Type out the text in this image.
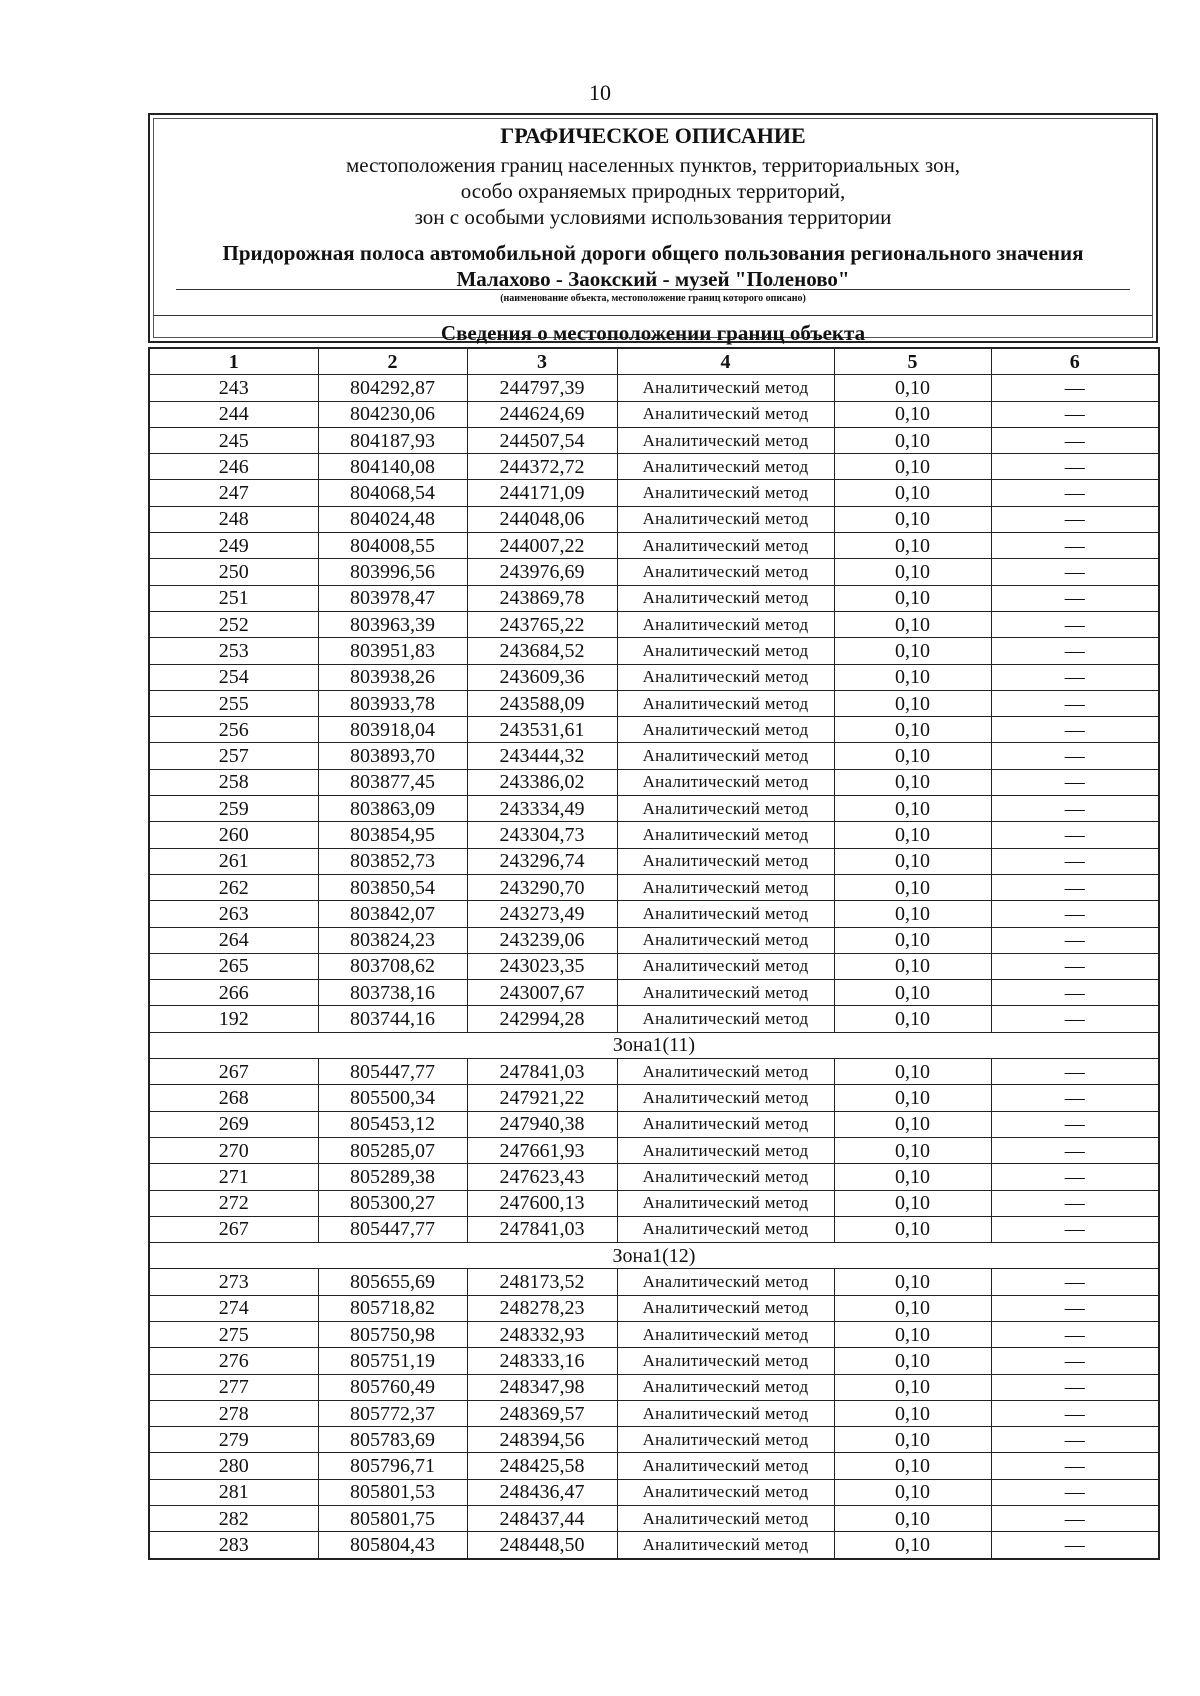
10
ГРАФИЧЕСКОЕ ОПИСАНИЕ
местоположения границ населенных пунктов, территориальных зон,
особо охраняемых природных территорий,
зон с особыми условиями использования территории
Придорожная полоса автомобильной дороги общего пользования регионального значения
Малахово - Заокский - музей "Поленово"
(наименование объекта, местоположение границ которого описано)
Сведения о местоположении границ объекта
1	2	3	4	5	6
243	804292,87	244797,39	Аналитический метод	0,10	—
244	804230,06	244624,69	Аналитический метод	0,10	—
245	804187,93	244507,54	Аналитический метод	0,10	—
246	804140,08	244372,72	Аналитический метод	0,10	—
247	804068,54	244171,09	Аналитический метод	0,10	—
248	804024,48	244048,06	Аналитический метод	0,10	—
249	804008,55	244007,22	Аналитический метод	0,10	—
250	803996,56	243976,69	Аналитический метод	0,10	—
251	803978,47	243869,78	Аналитический метод	0,10	—
252	803963,39	243765,22	Аналитический метод	0,10	—
253	803951,83	243684,52	Аналитический метод	0,10	—
254	803938,26	243609,36	Аналитический метод	0,10	—
255	803933,78	243588,09	Аналитический метод	0,10	—
256	803918,04	243531,61	Аналитический метод	0,10	—
257	803893,70	243444,32	Аналитический метод	0,10	—
258	803877,45	243386,02	Аналитический метод	0,10	—
259	803863,09	243334,49	Аналитический метод	0,10	—
260	803854,95	243304,73	Аналитический метод	0,10	—
261	803852,73	243296,74	Аналитический метод	0,10	—
262	803850,54	243290,70	Аналитический метод	0,10	—
263	803842,07	243273,49	Аналитический метод	0,10	—
264	803824,23	243239,06	Аналитический метод	0,10	—
265	803708,62	243023,35	Аналитический метод	0,10	—
266	803738,16	243007,67	Аналитический метод	0,10	—
192	803744,16	242994,28	Аналитический метод	0,10	—
Зона1(11)					
267	805447,77	247841,03	Аналитический метод	0,10	—
268	805500,34	247921,22	Аналитический метод	0,10	—
269	805453,12	247940,38	Аналитический метод	0,10	—
270	805285,07	247661,93	Аналитический метод	0,10	—
271	805289,38	247623,43	Аналитический метод	0,10	—
272	805300,27	247600,13	Аналитический метод	0,10	—
267	805447,77	247841,03	Аналитический метод	0,10	—
Зона1(12)					
273	805655,69	248173,52	Аналитический метод	0,10	—
274	805718,82	248278,23	Аналитический метод	0,10	—
275	805750,98	248332,93	Аналитический метод	0,10	—
276	805751,19	248333,16	Аналитический метод	0,10	—
277	805760,49	248347,98	Аналитический метод	0,10	—
278	805772,37	248369,57	Аналитический метод	0,10	—
279	805783,69	248394,56	Аналитический метод	0,10	—
280	805796,71	248425,58	Аналитический метод	0,10	—
281	805801,53	248436,47	Аналитический метод	0,10	—
282	805801,75	248437,44	Аналитический метод	0,10	—
283	805804,43	248448,50	Аналитический метод	0,10	—
